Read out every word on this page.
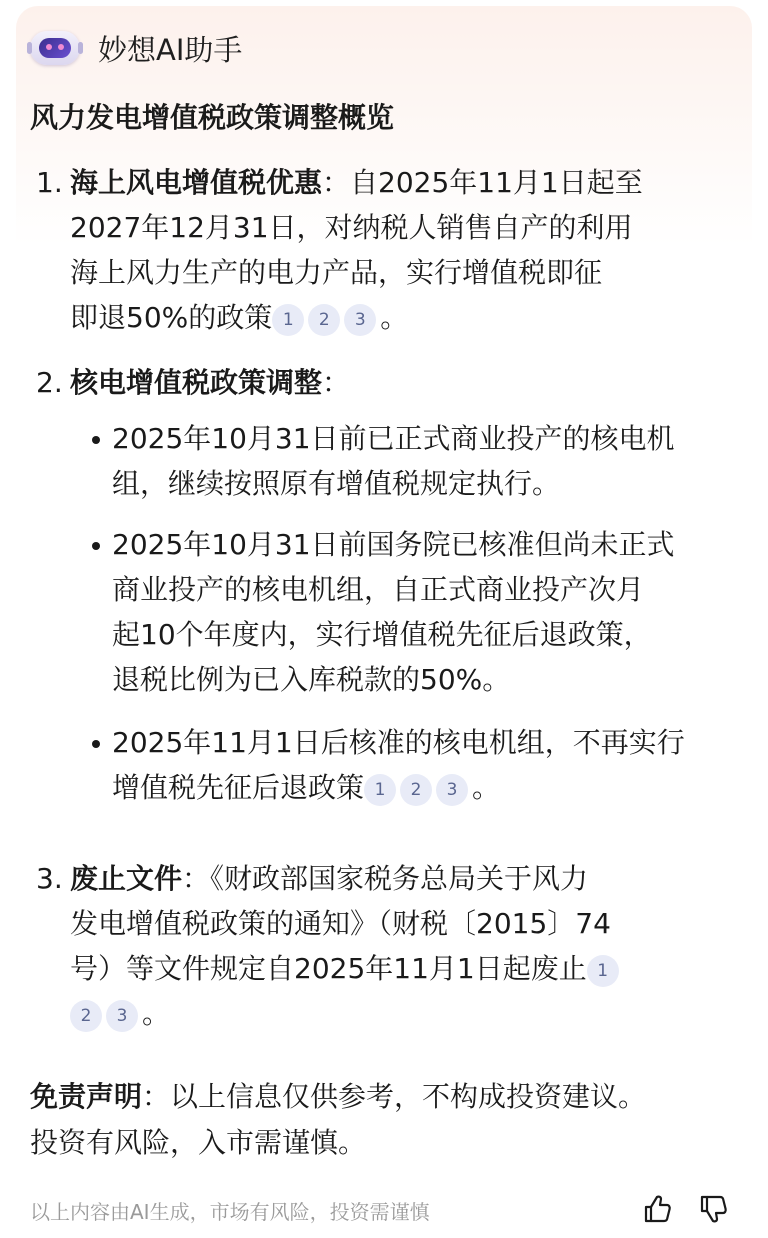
妙想AI助手
风力发电增值税政策调整概览
1. 海上风电增值税优惠：自2025年11月1日起至
2027年12月31日，对纳税人销售自产的利用
海上风力生产的电力产品，实行增值税即征
即退50%的政策 1 2 3 。
2. 核电增值税政策调整：
2025年10月31日前已正式商业投产的核电机
组，继续按照原有增值税规定执行。
2025年10月31日前国务院已核准但尚未正式
商业投产的核电机组，自正式商业投产次月
起10个年度内，实行增值税先征后退政策，
退税比例为已入库税款的50%。
2025年11月1日后核准的核电机组，不再实行
增值税先征后退政策 1 2 3 。
3. 废止文件：《财政部国家税务总局关于风力
发电增值税政策的通知》（财税〔2015〕74
号）等文件规定自2025年11月1日起废止 1
2 3 。
免责声明：以上信息仅供参考，不构成投资建议。
投资有风险，入市需谨慎。
以上内容由AI生成，市场有风险，投资需谨慎
